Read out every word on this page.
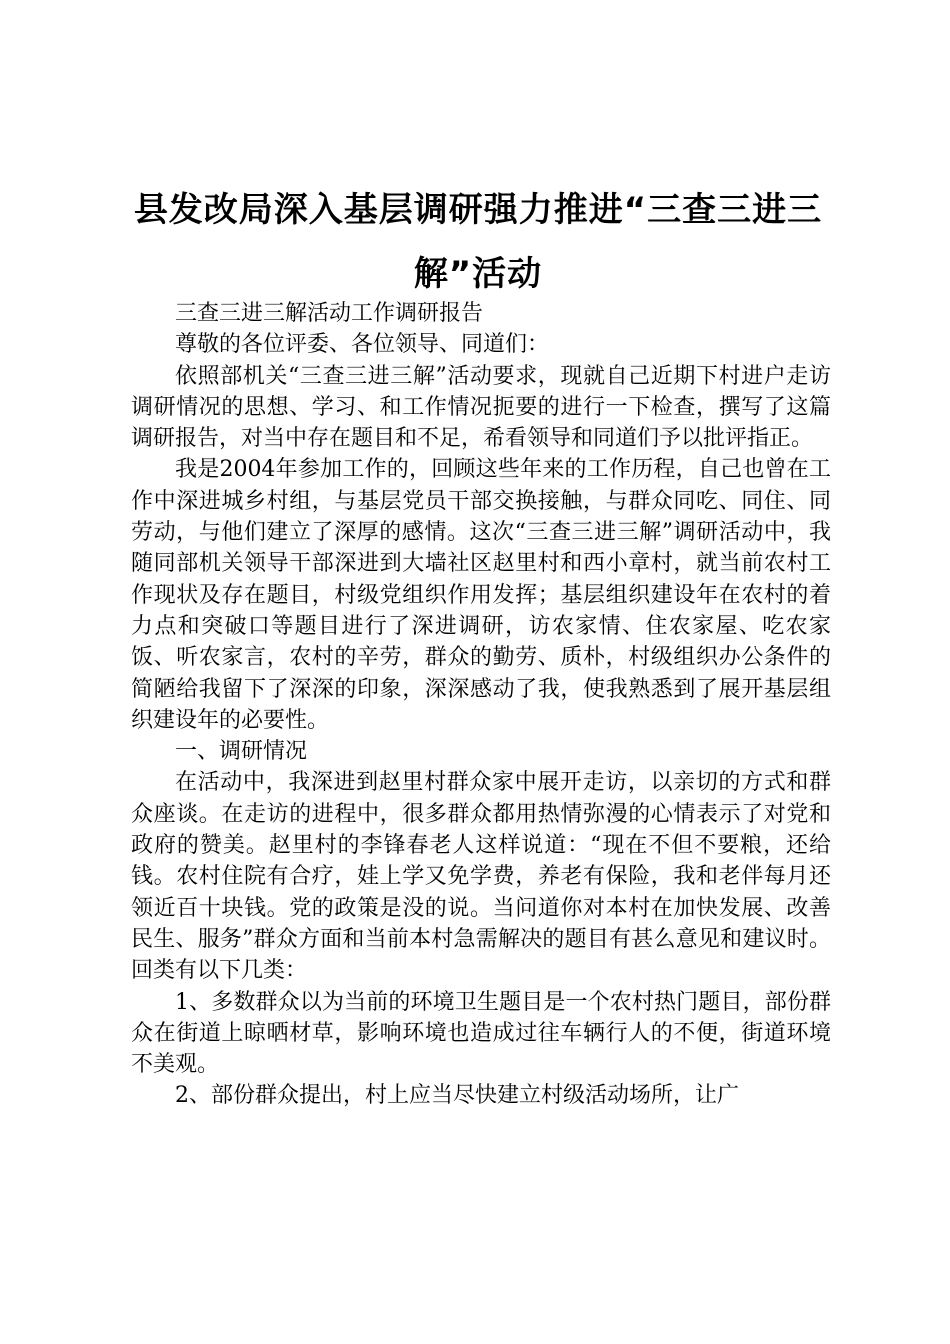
县发改局深入基层调研强力推进“三查三进三解”活动

三查三进三解活动工作调研报告

尊敬的各位评委、各位领导、同道们：

依照部机关“三查三进三解”活动要求，现就自己近期下村进户走访调研情况的思想、学习、和工作情况扼要的进行一下检查，撰写了这篇调研报告，对当中存在题目和不足，希看领导和同道们予以批评指正。

我是2004年参加工作的，回顾这些年来的工作历程，自己也曾在工作中深进城乡村组，与基层党员干部交换接触，与群众同吃、同住、同劳动，与他们建立了深厚的感情。这次“三查三进三解”调研活动中，我随同部机关领导干部深进到大墙社区赵里村和西小章村，就当前农村工作现状及存在题目，村级党组织作用发挥；基层组织建设年在农村的着力点和突破口等题目进行了深进调研，访农家情、住农家屋、吃农家饭、听农家言，农村的辛劳，群众的勤劳、质朴，村级组织办公条件的简陋给我留下了深深的印象，深深感动了我，使我熟悉到了展开基层组织建设年的必要性。

一、调研情况

在活动中，我深进到赵里村群众家中展开走访，以亲切的方式和群众座谈。在走访的进程中，很多群众都用热情弥漫的心情表示了对党和政府的赞美。赵里村的李锋春老人这样说道：“现在不但不要粮，还给钱。农村住院有合疗，娃上学又免学费，养老有保险，我和老伴每月还领近百十块钱。党的政策是没的说。当问道你对本村在加快发展、改善民生、服务”群众方面和当前本村急需解决的题目有甚么意见和建议时。回类有以下几类：

1、多数群众以为当前的环境卫生题目是一个农村热门题目，部份群众在街道上晾晒材草，影响环境也造成过往车辆行人的不便，街道环境不美观。

2、部份群众提出，村上应当尽快建立村级活动场所，让广
